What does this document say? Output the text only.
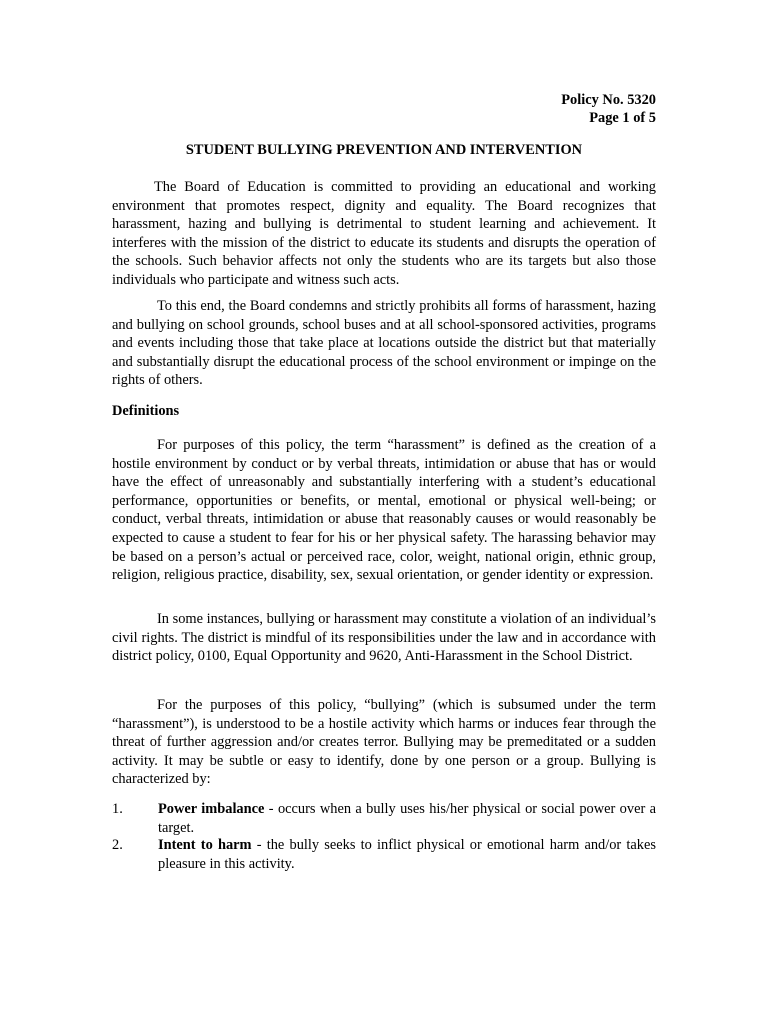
Policy No. 5320
Page 1 of 5
STUDENT BULLYING PREVENTION AND INTERVENTION

The Board of Education is committed to providing an educational and working environment that promotes respect, dignity and equality. The Board recognizes that harassment, hazing and bullying is detrimental to student learning and achievement. It interferes with the mission of the district to educate its students and disrupts the operation of the schools. Such behavior affects not only the students who are its targets but also those individuals who participate and witness such acts.

To this end, the Board condemns and strictly prohibits all forms of harassment, hazing and bullying on school grounds, school buses and at all school-sponsored activities, programs and events including those that take place at locations outside the district but that materially and substantially disrupt the educational process of the school environment or impinge on the rights of others.

Definitions

For purposes of this policy, the term “harassment” is defined as the creation of a hostile environment by conduct or by verbal threats, intimidation or abuse that has or would have the effect of unreasonably and substantially interfering with a student’s educational performance, opportunities or benefits, or mental, emotional or physical well-being; or conduct, verbal threats, intimidation or abuse that reasonably causes or would reasonably be expected to cause a student to fear for his or her physical safety. The harassing behavior may be based on a person’s actual or perceived race, color, weight, national origin, ethnic group, religion, religious practice, disability, sex, sexual orientation, or gender identity or expression.

In some instances, bullying or harassment may constitute a violation of an individual’s civil rights. The district is mindful of its responsibilities under the law and in accordance with district policy, 0100, Equal Opportunity and 9620, Anti-Harassment in the School District.

For the purposes of this policy, “bullying” (which is subsumed under the term “harassment”), is understood to be a hostile activity which harms or induces fear through the threat of further aggression and/or creates terror. Bullying may be premeditated or a sudden activity. It may be subtle or easy to identify, done by one person or a group. Bullying is characterized by:

1. Power imbalance - occurs when a bully uses his/her physical or social power over a target.
2. Intent to harm - the bully seeks to inflict physical or emotional harm and/or takes pleasure in this activity.
